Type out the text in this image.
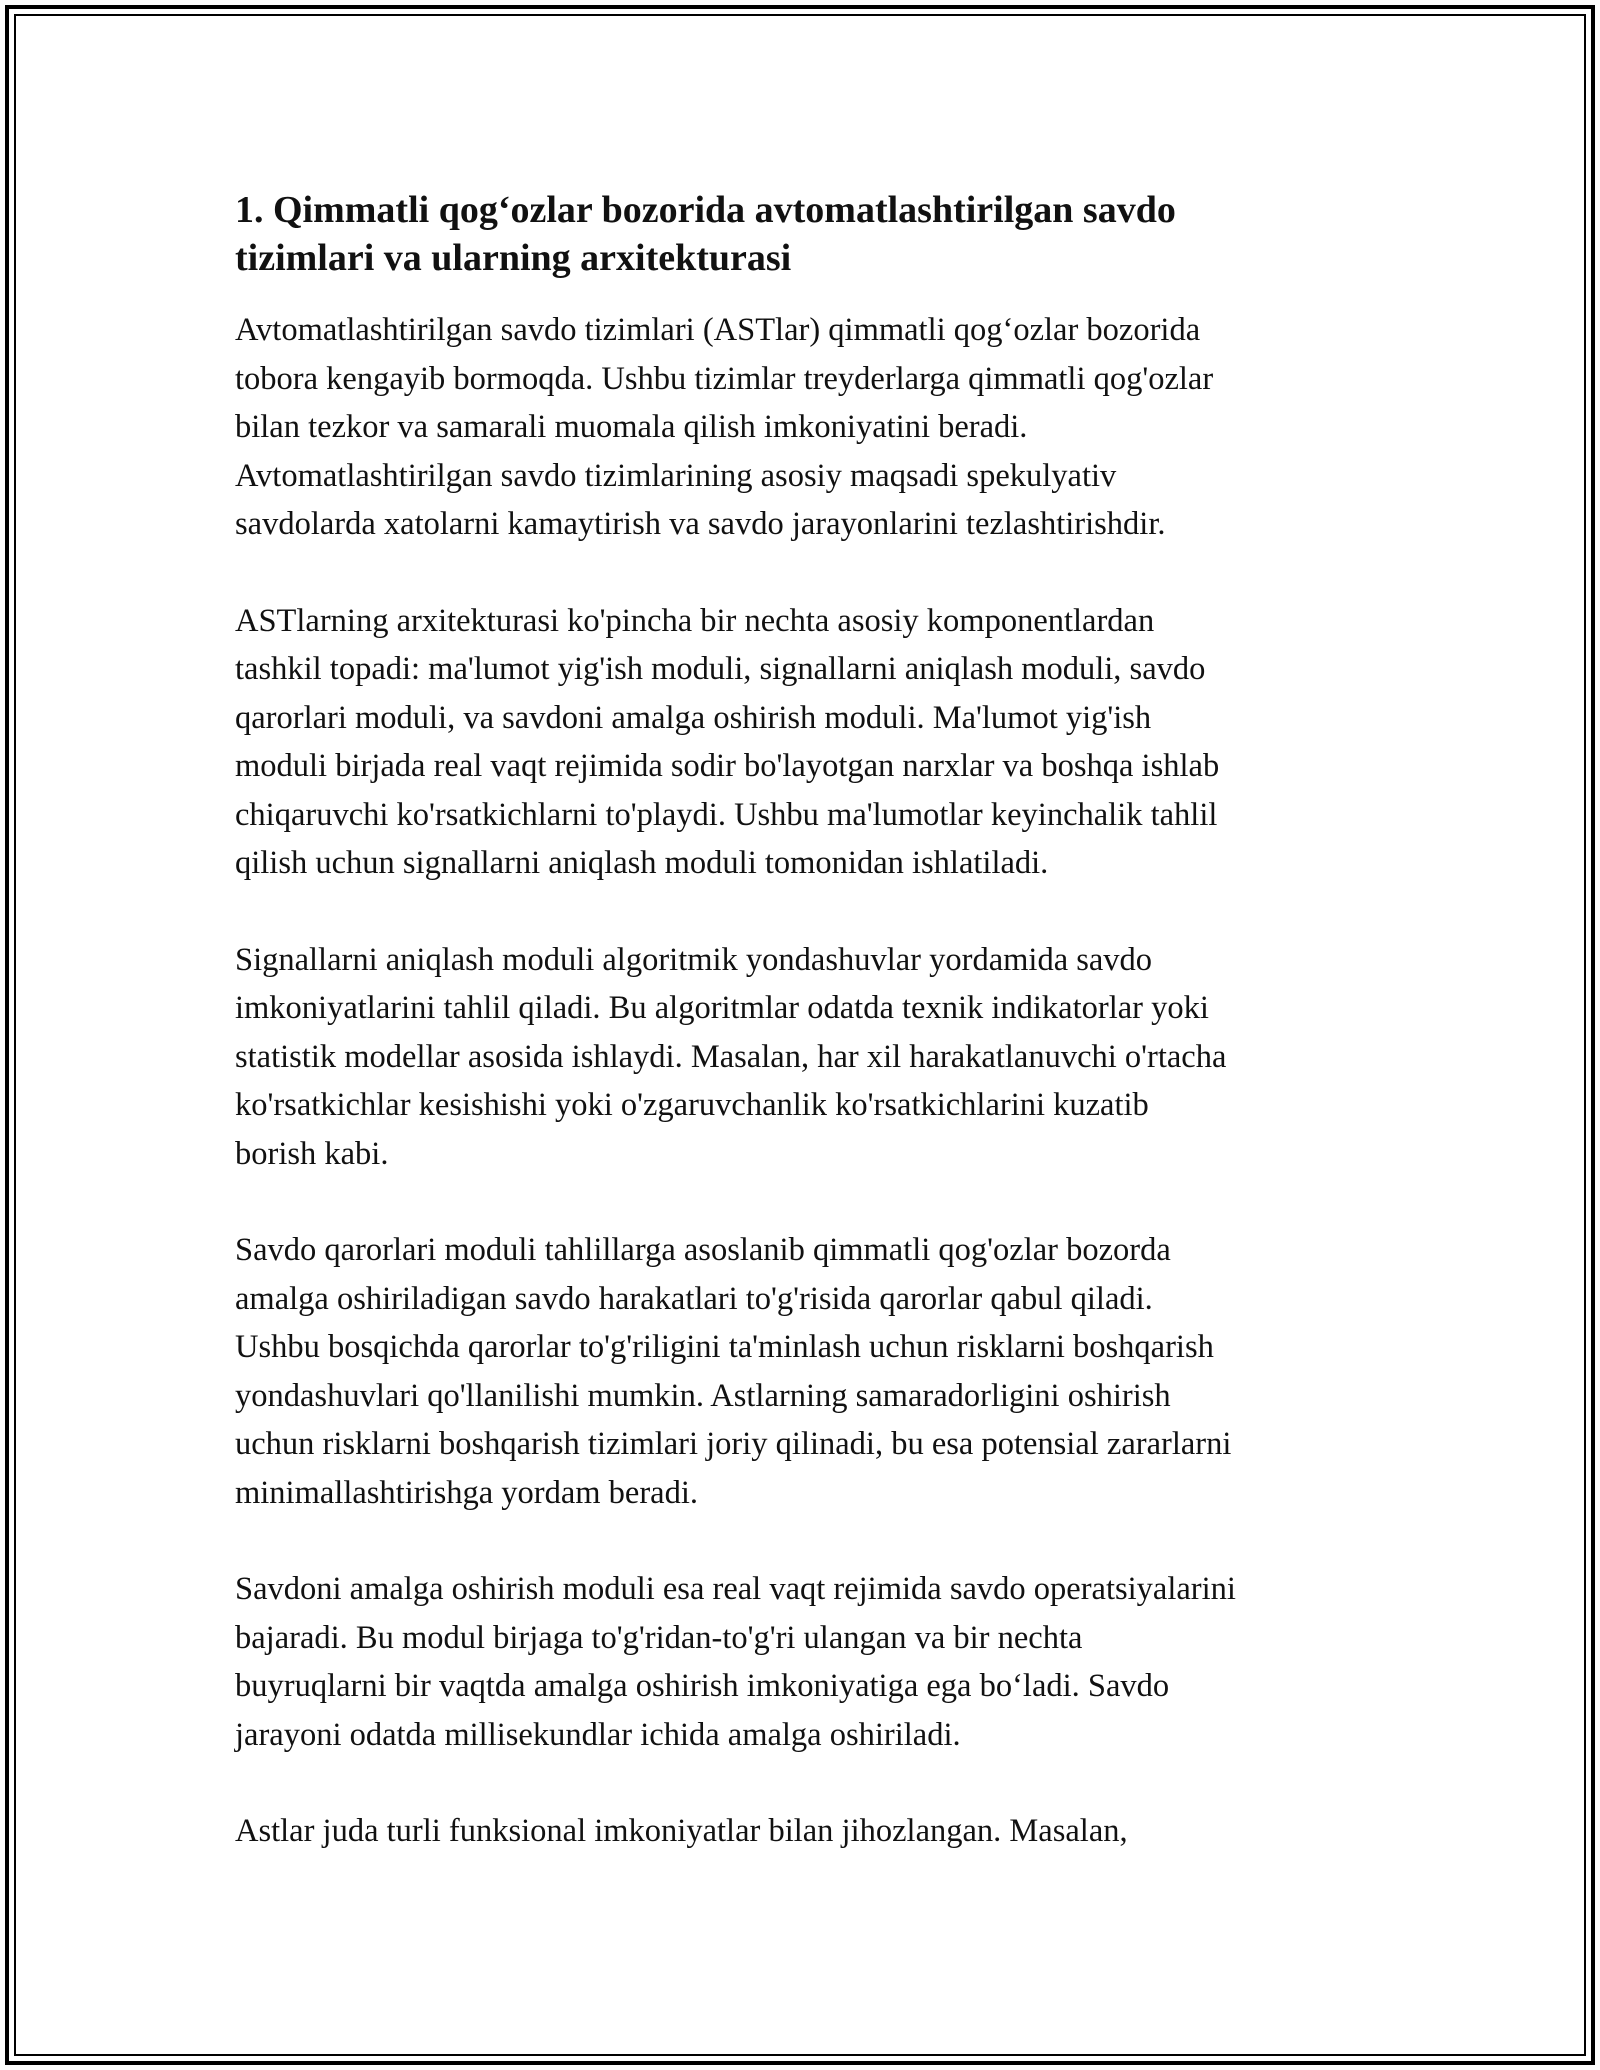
1. Qimmatli qog‘ozlar bozorida avtomatlashtirilgan savdo
tizimlari va ularning arxitekturasi
Avtomatlashtirilgan savdo tizimlari (ASTlar) qimmatli qog‘ozlar bozorida
tobora kengayib bormoqda. Ushbu tizimlar treyderlarga qimmatli qog'ozlar
bilan tezkor va samarali muomala qilish imkoniyatini beradi.
Avtomatlashtirilgan savdo tizimlarining asosiy maqsadi spekulyativ
savdolarda xatolarni kamaytirish va savdo jarayonlarini tezlashtirishdir.
ASTlarning arxitekturasi ko'pincha bir nechta asosiy komponentlardan
tashkil topadi: ma'lumot yig'ish moduli, signallarni aniqlash moduli, savdo
qarorlari moduli, va savdoni amalga oshirish moduli. Ma'lumot yig'ish
moduli birjada real vaqt rejimida sodir bo'layotgan narxlar va boshqa ishlab
chiqaruvchi ko'rsatkichlarni to'playdi. Ushbu ma'lumotlar keyinchalik tahlil
qilish uchun signallarni aniqlash moduli tomonidan ishlatiladi.
Signallarni aniqlash moduli algoritmik yondashuvlar yordamida savdo
imkoniyatlarini tahlil qiladi. Bu algoritmlar odatda texnik indikatorlar yoki
statistik modellar asosida ishlaydi. Masalan, har xil harakatlanuvchi o'rtacha
ko'rsatkichlar kesishishi yoki o'zgaruvchanlik ko'rsatkichlarini kuzatib
borish kabi.
Savdo qarorlari moduli tahlillarga asoslanib qimmatli qog'ozlar bozorda
amalga oshiriladigan savdo harakatlari to'g'risida qarorlar qabul qiladi.
Ushbu bosqichda qarorlar to'g'riligini ta'minlash uchun risklarni boshqarish
yondashuvlari qo'llanilishi mumkin. Astlarning samaradorligini oshirish
uchun risklarni boshqarish tizimlari joriy qilinadi, bu esa potensial zararlarni
minimallashtirishga yordam beradi.
Savdoni amalga oshirish moduli esa real vaqt rejimida savdo operatsiyalarini
bajaradi. Bu modul birjaga to'g'ridan-to'g'ri ulangan va bir nechta
buyruqlarni bir vaqtda amalga oshirish imkoniyatiga ega bo‘ladi. Savdo
jarayoni odatda millisekundlar ichida amalga oshiriladi.
Astlar juda turli funksional imkoniyatlar bilan jihozlangan. Masalan,
